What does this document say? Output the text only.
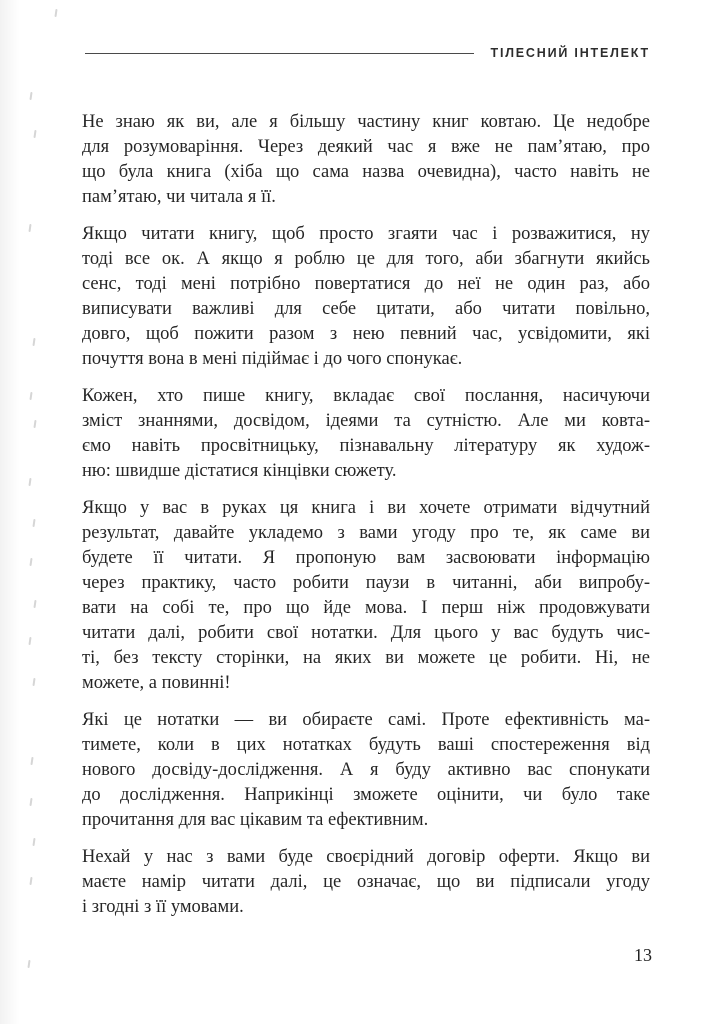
ТІЛЕСНИЙ ІНТЕЛЕКТ
Не знаю як ви, але я більшу частину книг ковтаю. Це недобре
для розумоваріння. Через деякий час я вже не пам’ятаю, про
що була книга (хіба що сама назва очевидна), часто навіть не
пам’ятаю, чи читала я її.
Якщо читати книгу, щоб просто згаяти час і розважитися, ну
тоді все ок. А якщо я роблю це для того, аби збагнути якийсь
сенс, тоді мені потрібно повертатися до неї не один раз, або
виписувати важливі для себе цитати, або читати повільно,
довго, щоб пожити разом з нею певний час, усвідомити, які
почуття вона в мені підіймає і до чого спонукає.
Кожен, хто пише книгу, вкладає свої послання, насичуючи
зміст знаннями, досвідом, ідеями та сутністю. Але ми ковта-
ємо навіть просвітницьку, пізнавальну літературу як худож-
ню: швидше дістатися кінцівки сюжету.
Якщо у вас в руках ця книга і ви хочете отримати відчутний
результат, давайте укладемо з вами угоду про те, як саме ви
будете її читати. Я пропоную вам засвоювати інформацію
через практику, часто робити паузи в читанні, аби випробу-
вати на собі те, про що йде мова. І перш ніж продовжувати
читати далі, робити свої нотатки. Для цього у вас будуть чис-
ті, без тексту сторінки, на яких ви можете це робити. Ні, не
можете, а повинні!
Які це нотатки — ви обираєте самі. Проте ефективність ма-
тимете, коли в цих нотатках будуть ваші спостереження від
нового досвіду-дослідження. А я буду активно вас спонукати
до дослідження. Наприкінці зможете оцінити, чи було таке
прочитання для вас цікавим та ефективним.
Нехай у нас з вами буде своєрідний договір оферти. Якщо ви
маєте намір читати далі, це означає, що ви підписали угоду
і згодні з її умовами.
13
